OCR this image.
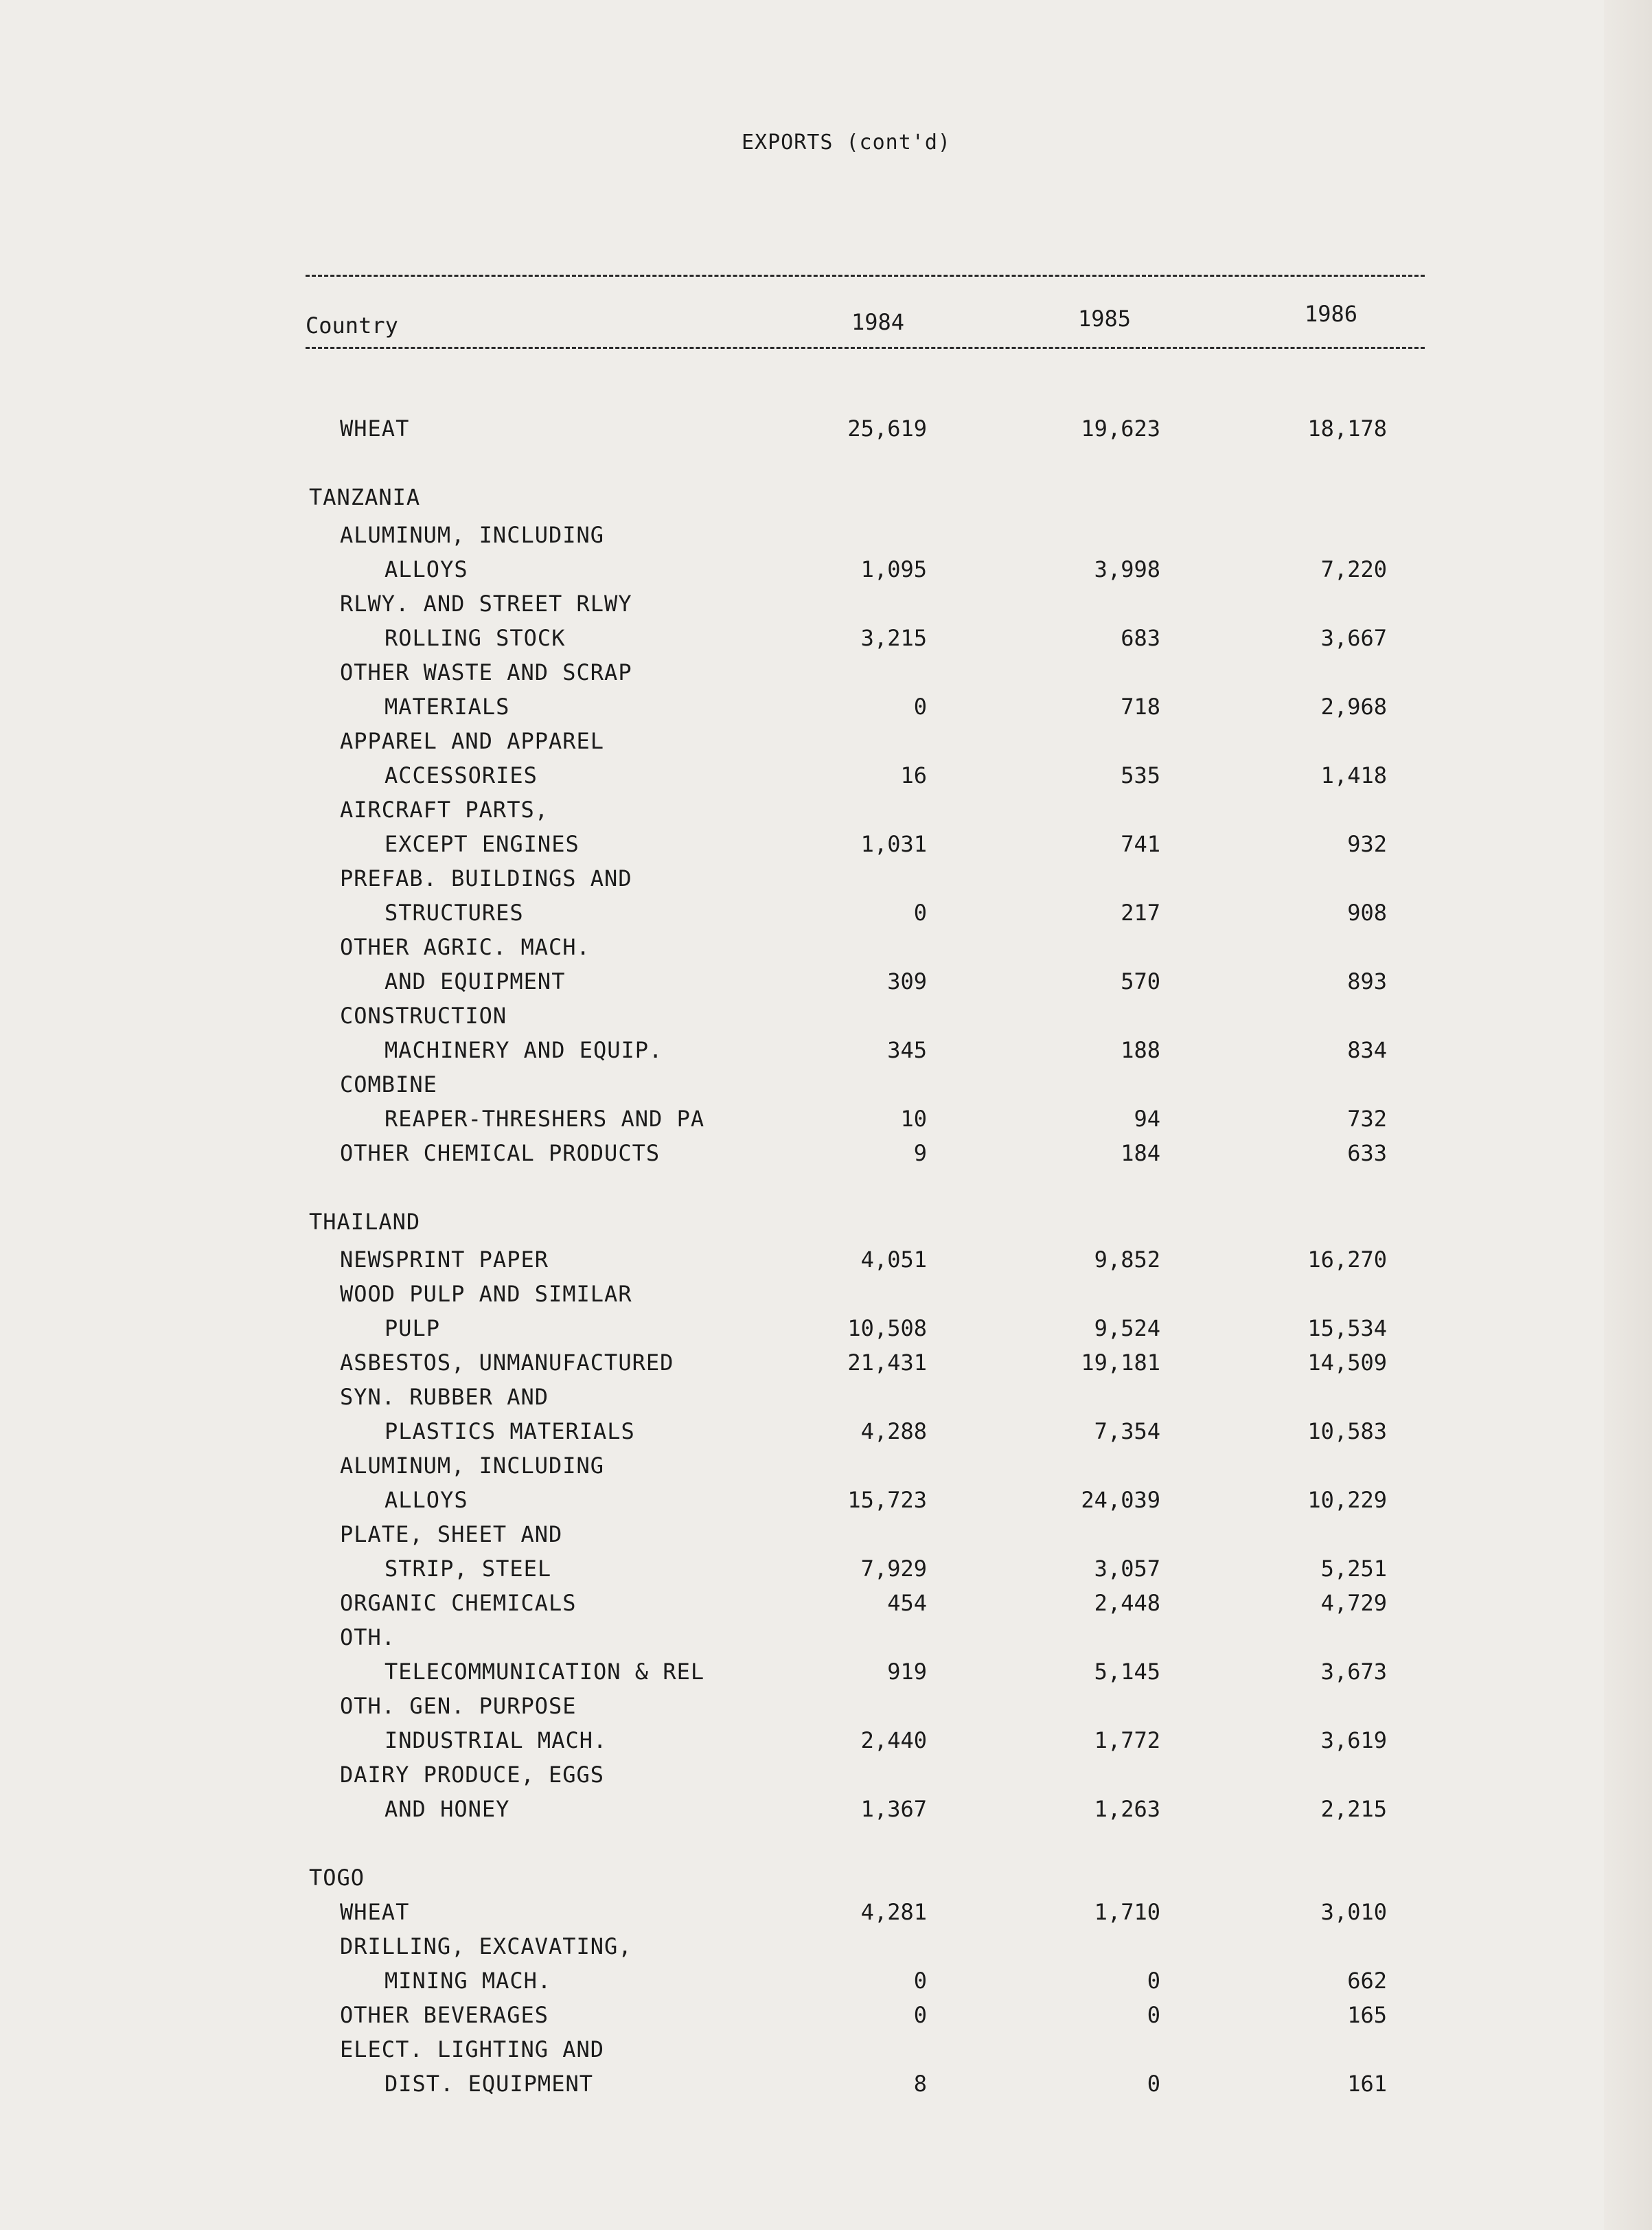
EXPORTS (cont'd)
Country	1984	1985	1986
WHEAT	25,619	19,623	18,178
TANZANIA
ALUMINUM, INCLUDING
ALLOYS	1,095	3,998	7,220
RLWY. AND STREET RLWY
ROLLING STOCK	3,215	683	3,667
OTHER WASTE AND SCRAP
MATERIALS	0	718	2,968
APPAREL AND APPAREL
ACCESSORIES	16	535	1,418
AIRCRAFT PARTS,
EXCEPT ENGINES	1,031	741	932
PREFAB. BUILDINGS AND
STRUCTURES	0	217	908
OTHER AGRIC. MACH.
AND EQUIPMENT	309	570	893
CONSTRUCTION
MACHINERY AND EQUIP.	345	188	834
COMBINE
REAPER-THRESHERS AND PA	10	94	732
OTHER CHEMICAL PRODUCTS	9	184	633
THAILAND
NEWSPRINT PAPER	4,051	9,852	16,270
WOOD PULP AND SIMILAR
PULP	10,508	9,524	15,534
ASBESTOS, UNMANUFACTURED	21,431	19,181	14,509
SYN. RUBBER AND
PLASTICS MATERIALS	4,288	7,354	10,583
ALUMINUM, INCLUDING
ALLOYS	15,723	24,039	10,229
PLATE, SHEET AND
STRIP, STEEL	7,929	3,057	5,251
ORGANIC CHEMICALS	454	2,448	4,729
OTH.
TELECOMMUNICATION & REL	919	5,145	3,673
OTH. GEN. PURPOSE
INDUSTRIAL MACH.	2,440	1,772	3,619
DAIRY PRODUCE, EGGS
AND HONEY	1,367	1,263	2,215
TOGO
WHEAT	4,281	1,710	3,010
DRILLING, EXCAVATING,
MINING MACH.	0	0	662
OTHER BEVERAGES	0	0	165
ELECT. LIGHTING AND
DIST. EQUIPMENT	8	0	161
